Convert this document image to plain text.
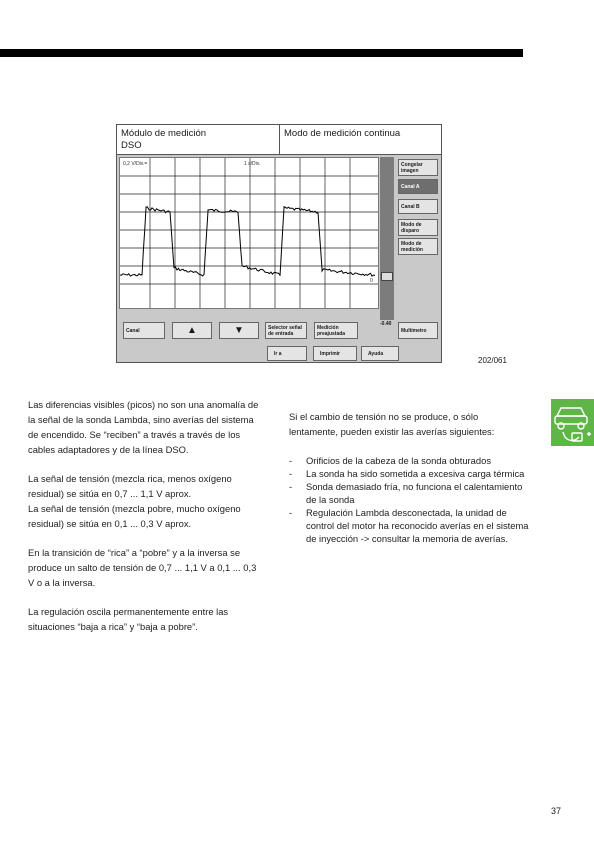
Módulo de medición
DSO
Modo de medición continua
0,2 V/Div.=	1 s/Div.
0
-0.40
Congelar imagen
Canal A
Canal B
Modo de disparo
Modo de medición
Multímetro
Canal	▲	▼	Selector señal de entrada
Medición preajustada
Ir a	Imprimir	Ayuda
202/061

Las diferencias visibles (picos) no son una anomalía de la señal de la sonda Lambda, sino averías del sistema de encendido. Se “reciben” a través a través de los cables adaptadores y de la línea DSO.

La señal de tensión (mezcla rica, menos oxígeno residual) se sitúa en 0,7 ... 1,1 V aprox.

La señal de tensión (mezcla pobre, mucho oxígeno residual) se sitúa en 0,1 ... 0,3 V aprox.

En la transición de “rica” a “pobre” y a la inversa se produce un salto de tensión de 0,7 ... 1,1 V a 0,1 ... 0,3 V o a la inversa.

La regulación oscila permanentemente entre las situaciones “baja a rica” y “baja a pobre”.

Si el cambio de tensión no se produce, o sólo lentamente, pueden existir las averías siguientes:

- Orificios de la cabeza de la sonda obturados
- La sonda ha sido sometida a excesiva carga térmica
- Sonda demasiado fría, no funciona el calentamiento de la sonda
- Regulación Lambda desconectada, la unidad de control del motor ha reconocido averías en el sistema de inyección -> consultar la memoria de averías.
37
